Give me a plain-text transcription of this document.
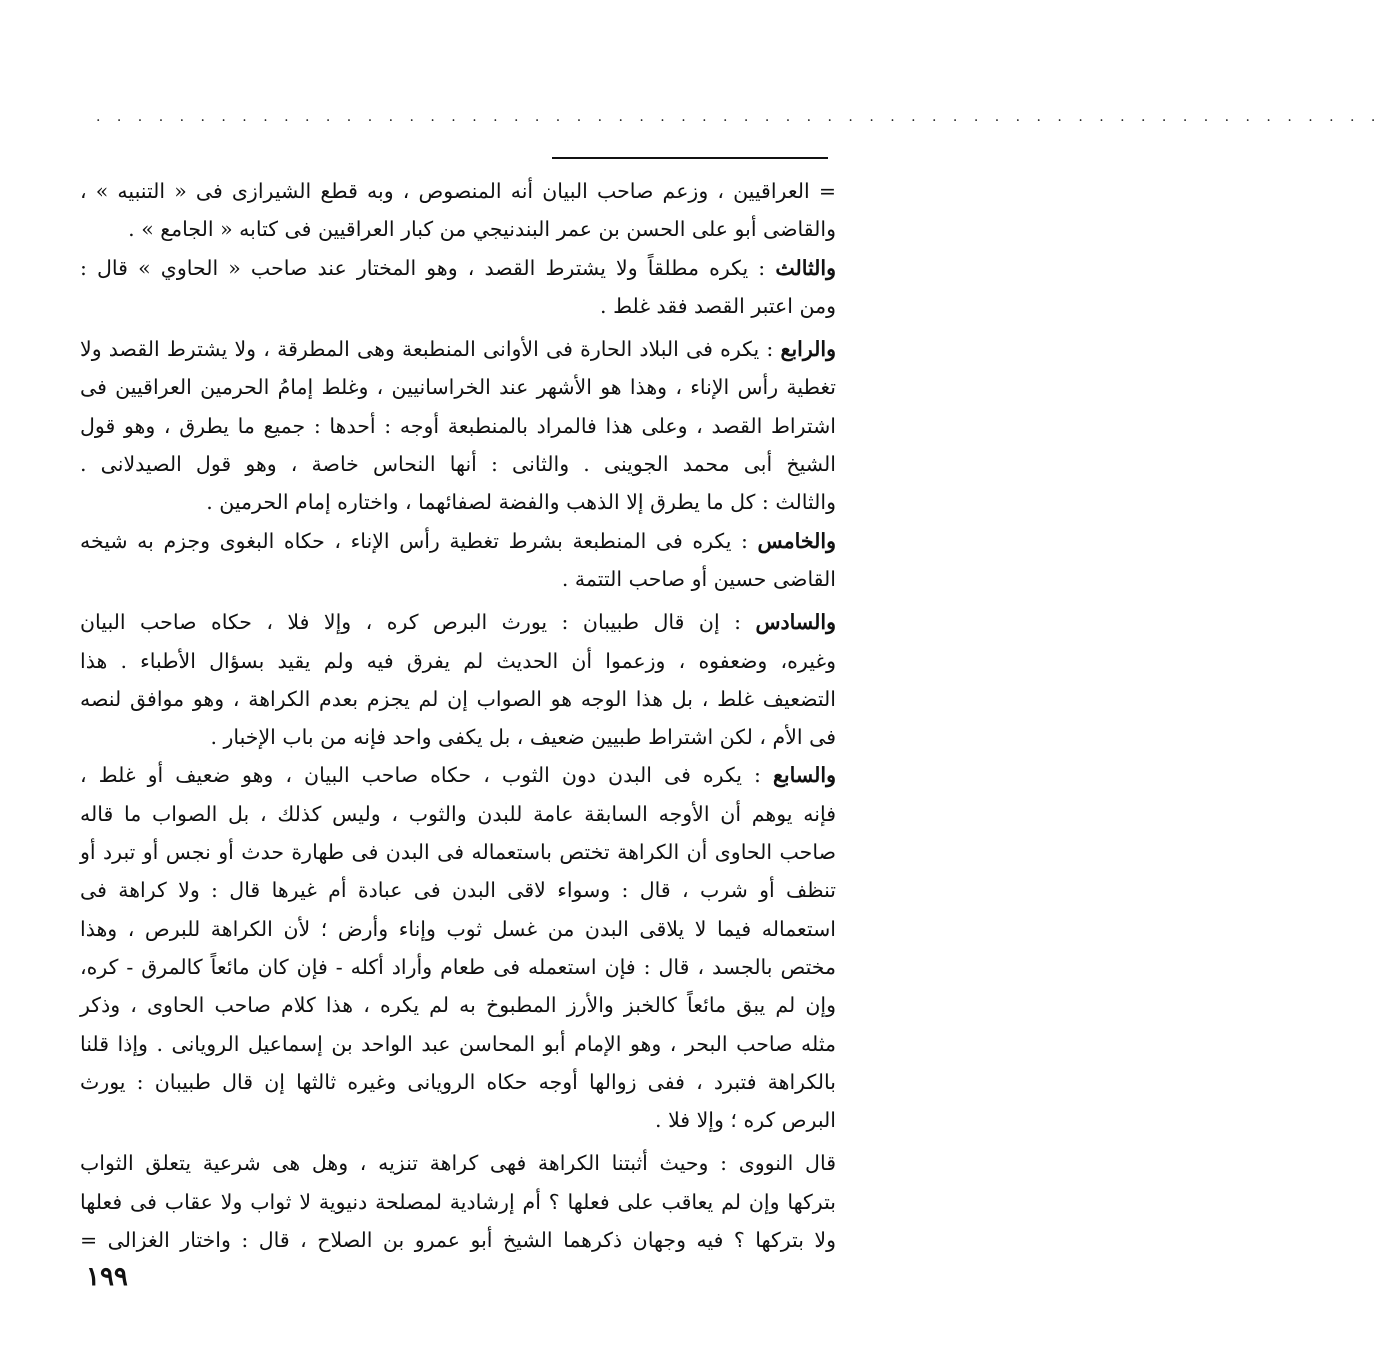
. . . . . . . . . . . . . . . . . . . . . . . . . . . . . . . . . . . . . . . . . . . . . . . . . . . . . . . . . . . . . .
= العراقيين ، وزعم صاحب البيان أنه المنصوص ، وبه قطع الشيرازى فى « التنبيه » ،
والقاضى أبو على الحسن بن عمر البندنيجي من كبار العراقيين فى كتابه « الجامع » .
والثالث : يكره مطلقاً ولا يشترط القصد ، وهو المختار عند صاحب « الحاوي » قال :
ومن اعتبر القصد فقد غلط .
والرابع : يكره فى البلاد الحارة فى الأوانى المنطبعة وهى المطرقة ، ولا يشترط القصد ولا
تغطية رأس الإناء ، وهذا هو الأشهر عند الخراسانيين ، وغلط إمامُ الحرمين العراقيين فى
اشتراط القصد ، وعلى هذا فالمراد بالمنطبعة أوجه : أحدها : جميع ما يطرق ، وهو قول
الشيخ أبى محمد الجوينى . والثانى : أنها النحاس خاصة ، وهو قول الصيدلانى .
والثالث : كل ما يطرق إلا الذهب والفضة لصفائهما ، واختاره إمام الحرمين .
والخامس : يكره فى المنطبعة بشرط تغطية رأس الإناء ، حكاه البغوى وجزم به شيخه
القاضى حسين أو صاحب التتمة .
والسادس : إن قال طبيبان : يورث البرص كره ، وإلا فلا ، حكاه صاحب البيان
وغيره، وضعفوه ، وزعموا أن الحديث لم يفرق فيه ولم يقيد بسؤال الأطباء . هذا
التضعيف غلط ، بل هذا الوجه هو الصواب إن لم يجزم بعدم الكراهة ، وهو موافق لنصه
فى الأم ، لكن اشتراط طبيين ضعيف ، بل يكفى واحد فإنه من باب الإخبار .
والسابع : يكره فى البدن دون الثوب ، حكاه صاحب البيان ، وهو ضعيف أو غلط ،
فإنه يوهم أن الأوجه السابقة عامة للبدن والثوب ، وليس كذلك ، بل الصواب ما قاله
صاحب الحاوى أن الكراهة تختص باستعماله فى البدن فى طهارة حدث أو نجس أو تبرد أو
تنظف أو شرب ، قال : وسواء لاقى البدن فى عبادة أم غيرها قال : ولا كراهة فى
استعماله فيما لا يلاقى البدن من غسل ثوب وإناء وأرض ؛ لأن الكراهة للبرص ، وهذا
مختص بالجسد ، قال : فإن استعمله فى طعام وأراد أكله - فإن كان مائعاً كالمرق - كره،
وإن لم يبق مائعاً كالخبز والأرز المطبوخ به لم يكره ، هذا كلام صاحب الحاوى ، وذكر
مثله صاحب البحر ، وهو الإمام أبو المحاسن عبد الواحد بن إسماعيل الرويانى . وإذا قلنا
بالكراهة فتبرد ، ففى زوالها أوجه حكاه الرويانى وغيره ثالثها إن قال طبيبان : يورث
البرص كره ؛ وإلا فلا .
قال النووى : وحيث أثبتنا الكراهة فهى كراهة تنزيه ، وهل هى شرعية يتعلق الثواب
بتركها وإن لم يعاقب على فعلها ؟ أم إرشادية لمصلحة دنيوية لا ثواب ولا عقاب فى فعلها
ولا بتركها ؟ فيه وجهان ذكرهما الشيخ أبو عمرو بن الصلاح ، قال : واختار الغزالى =
١٩٩
